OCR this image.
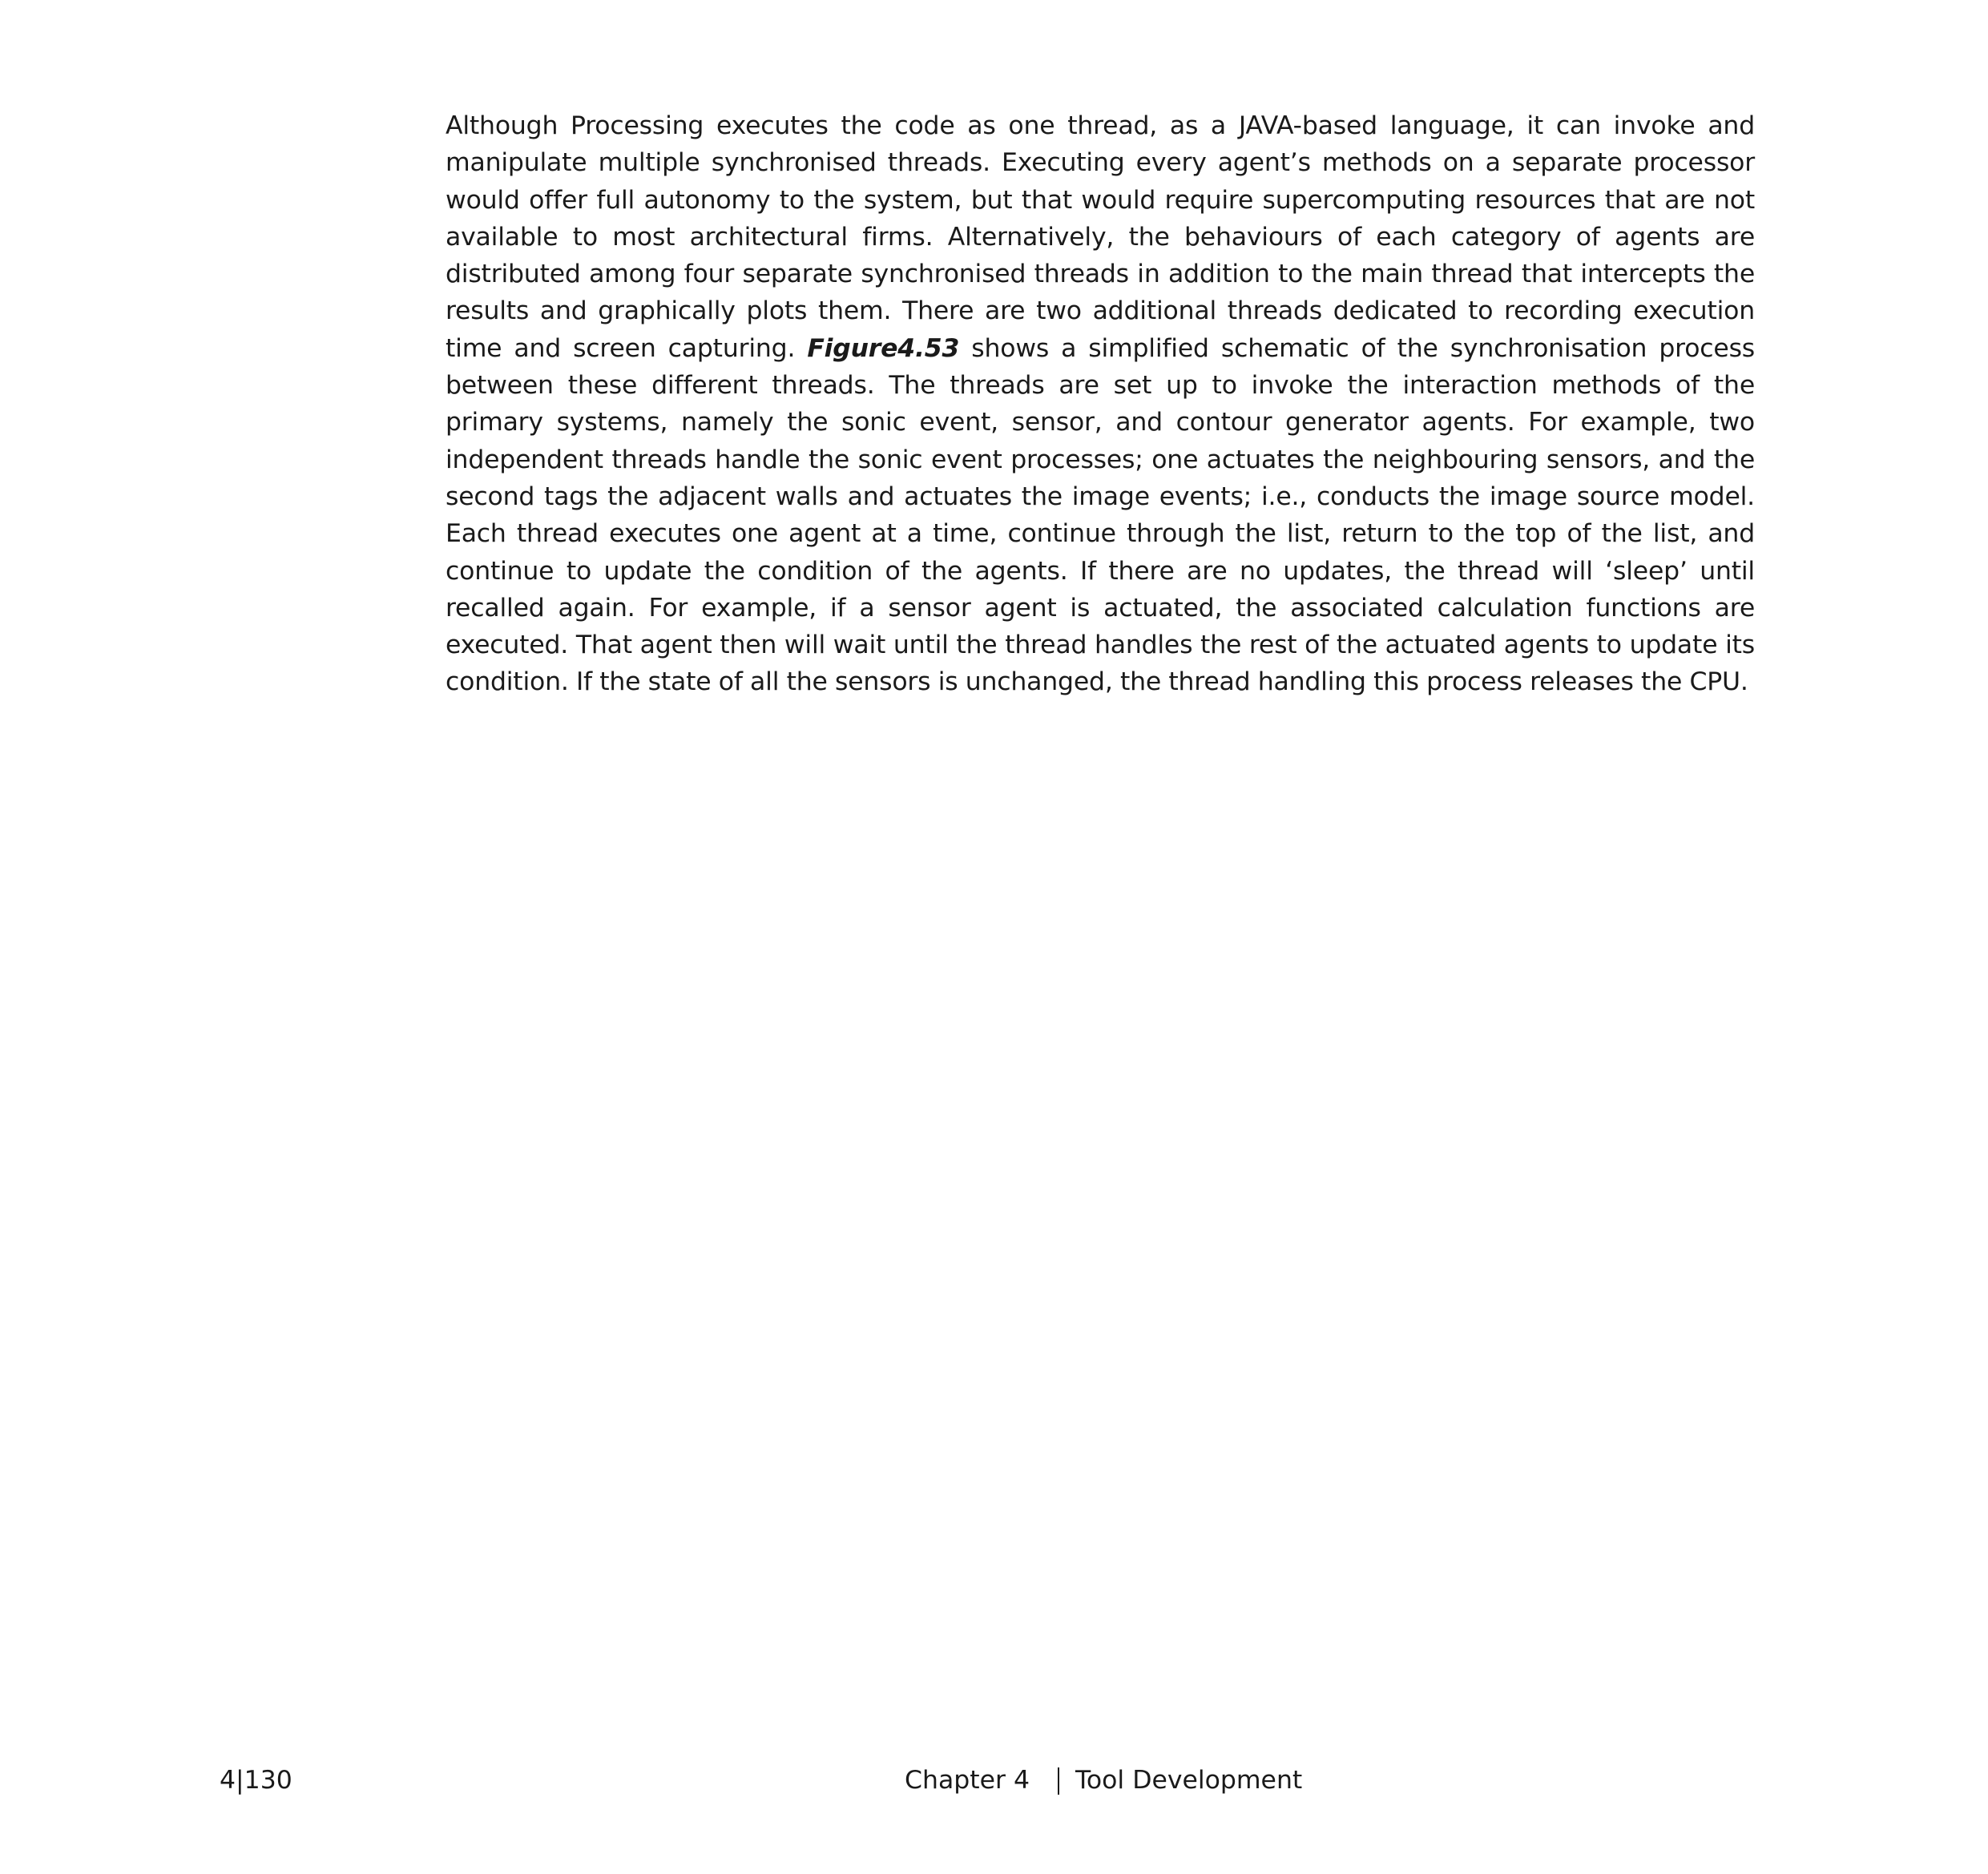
Although Processing executes the code as one thread, as a JAVA-based language, it can invoke and manipulate multiple synchronised threads. Executing every agent’s methods on a separate processor would offer full autonomy to the system, but that would require supercomputing resources that are not available to most architectural firms. Alternatively, the behaviours of each category of agents are distributed among four separate synchronised threads in addition to the main thread that intercepts the results and graphically plots them. There are two additional threads dedicated to recording execution time and screen capturing. Figure4.53 shows a simplified schematic of the synchronisation process between these different threads. The threads are set up to invoke the interaction methods of the primary systems, namely the sonic event, sensor, and contour generator agents. For example, two independent threads handle the sonic event processes; one actuates the neighbouring sensors, and the second tags the adjacent walls and actuates the image events; i.e., conducts the image source model. Each thread executes one agent at a time, continue through the list, return to the top of the list, and continue to update the condition of the agents. If there are no updates, the thread will ‘sleep’ until recalled again. For example, if a sensor agent is actuated, the associated calculation functions are executed. That agent then will wait until the thread handles the rest of the actuated agents to update its condition. If the state of all the sensors is unchanged, the thread handling this process releases the CPU.

4|130	Chapter 4 Tool Development
